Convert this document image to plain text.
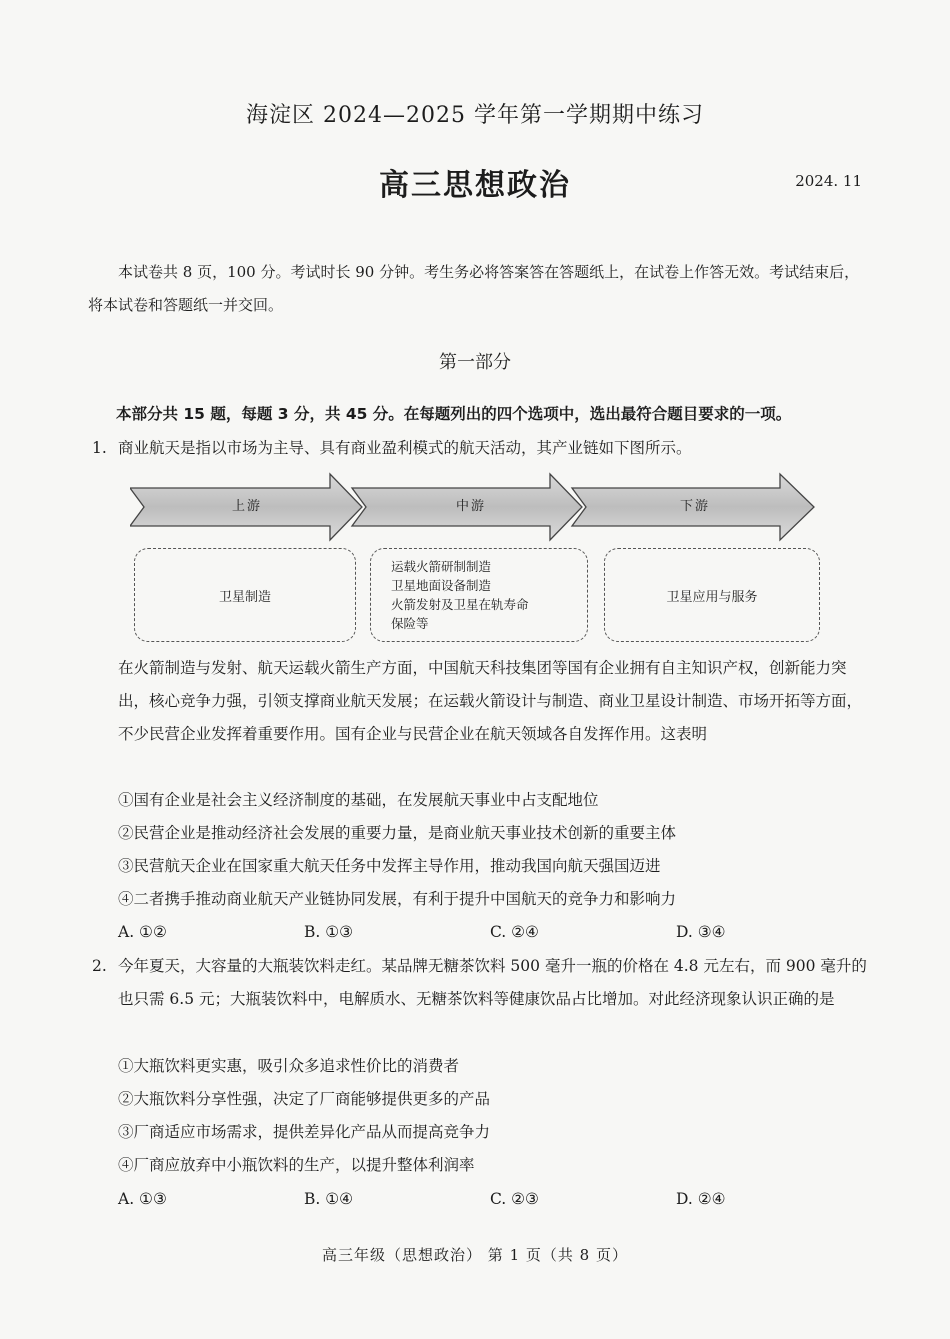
海淀区 2024—2025 学年第一学期期中练习
高三思想政治	2024. 11
本试卷共 8 页，100 分。考试时长 90 分钟。考生务必将答案答在答题纸上，在试卷上作答无效。考试结束后，将本试卷和答题纸一并交回。
第一部分
本部分共 15 题，每题 3 分，共 45 分。在每题列出的四个选项中，选出最符合题目要求的一项。
1. 商业航天是指以市场为主导、具有商业盈利模式的航天活动，其产业链如下图所示。
上游	中游	下游
卫星制造
运载火箭研制制造
卫星地面设备制造
火箭发射及卫星在轨寿命
保险等
卫星应用与服务
在火箭制造与发射、航天运载火箭生产方面，中国航天科技集团等国有企业拥有自主知识产权，创新能力突出，核心竞争力强，引领支撑商业航天发展；在运载火箭设计与制造、商业卫星设计制造、市场开拓等方面，不少民营企业发挥着重要作用。国有企业与民营企业在航天领域各自发挥作用。这表明
①国有企业是社会主义经济制度的基础，在发展航天事业中占支配地位
②民营企业是推动经济社会发展的重要力量，是商业航天事业技术创新的重要主体
③民营航天企业在国家重大航天任务中发挥主导作用，推动我国向航天强国迈进
④二者携手推动商业航天产业链协同发展，有利于提升中国航天的竞争力和影响力
A. ①②	B. ①③	C. ②④	D. ③④
2. 今年夏天，大容量的大瓶装饮料走红。某品牌无糖茶饮料 500 毫升一瓶的价格在 4.8 元左右，而 900 毫升的也只需 6.5 元；大瓶装饮料中，电解质水、无糖茶饮料等健康饮品占比增加。对此经济现象认识正确的是
①大瓶饮料更实惠，吸引众多追求性价比的消费者
②大瓶饮料分享性强，决定了厂商能够提供更多的产品
③厂商适应市场需求，提供差异化产品从而提高竞争力
④厂商应放弃中小瓶饮料的生产，以提升整体利润率
A. ①③	B. ①④	C. ②③	D. ②④
高三年级（思想政治） 第 1 页（共 8 页）
